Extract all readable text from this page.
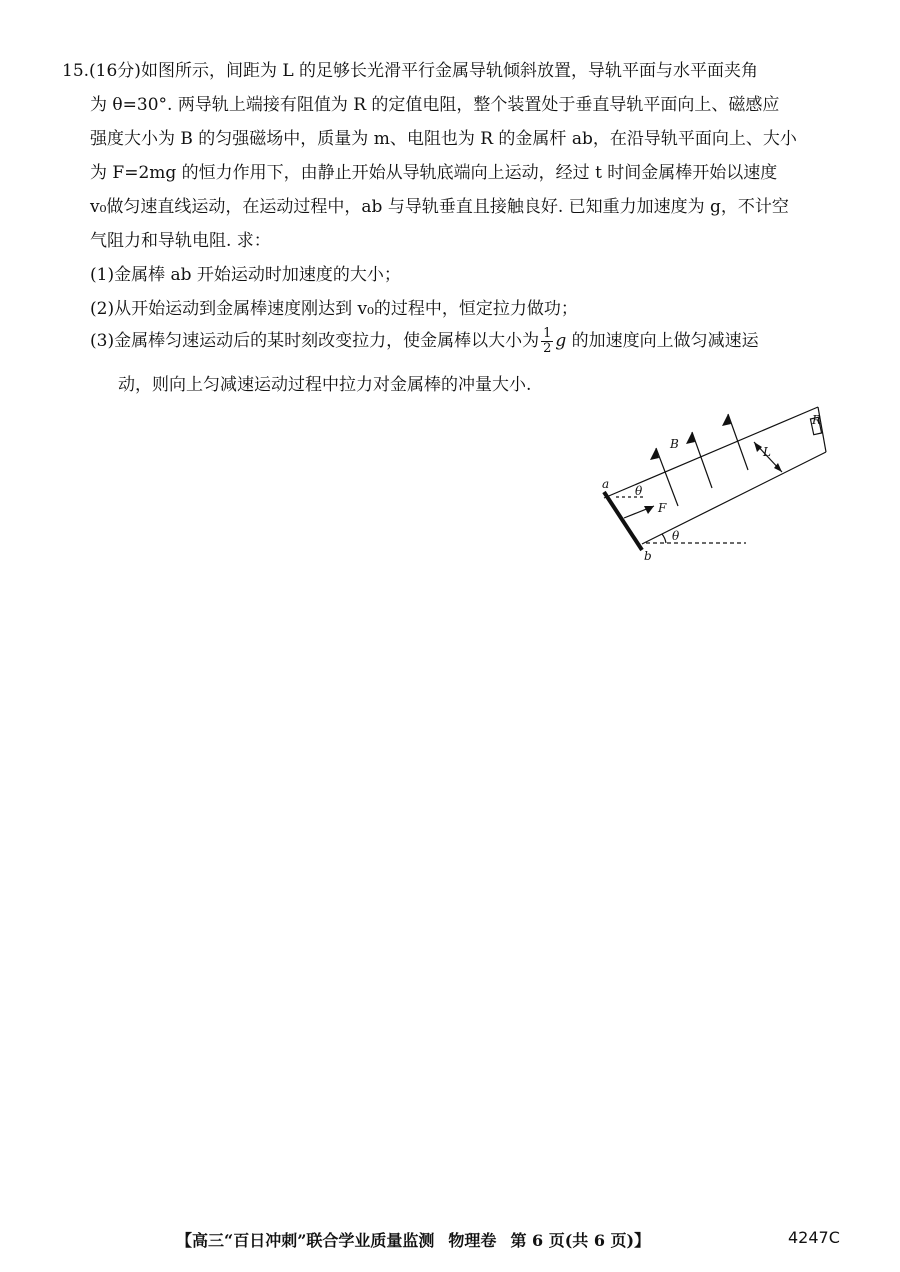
15.(16分)如图所示，间距为 L 的足够长光滑平行金属导轨倾斜放置，导轨平面与水平面夹角
为 θ=30°. 两导轨上端接有阻值为 R 的定值电阻，整个装置处于垂直导轨平面向上、磁感应
强度大小为 B 的匀强磁场中，质量为 m、电阻也为 R 的金属杆 ab，在沿导轨平面向上、大小
为 F=2mg 的恒力作用下，由静止开始从导轨底端向上运动，经过 t 时间金属棒开始以速度
v₀做匀速直线运动，在运动过程中，ab 与导轨垂直且接触良好. 已知重力加速度为 g，不计空
气阻力和导轨电阻. 求：
(1)金属棒 ab 开始运动时加速度的大小；
(2)从开始运动到金属棒速度刚达到 v₀的过程中，恒定拉力做功；
(3)金属棒匀速运动后的某时刻改变拉力，使金属棒以大小为 $\frac{1}{2}$ g 的加速度向上做匀减速运
动，则向上匀减速运动过程中拉力对金属棒的冲量大小.
a
b
B
R
L
F
θ
θ
【高三“百日冲刺”联合学业质量监测 物理卷 第 6 页(共 6 页)】	4247C
